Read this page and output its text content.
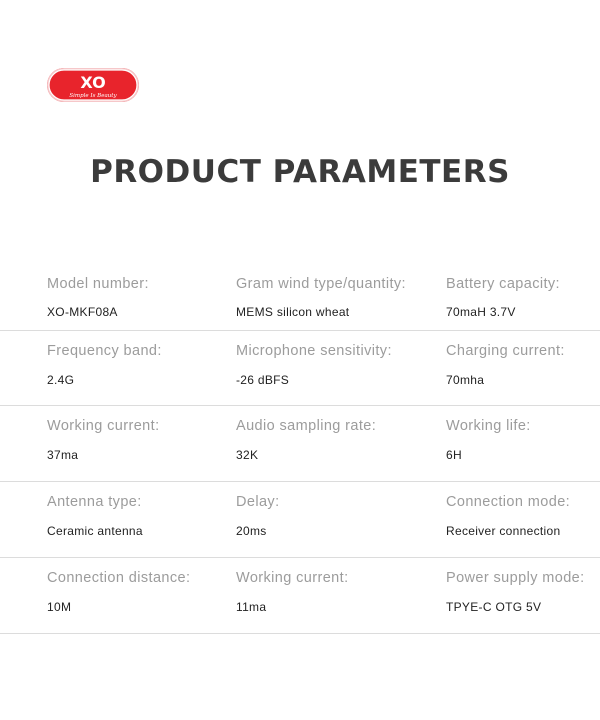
XO
Simple Is Beauty
PRODUCT PARAMETERS
Model number:
XO-MKF08A
Gram wind type/quantity:
MEMS silicon wheat
Battery capacity:
70maH 3.7V
Frequency band:
2.4G
Microphone sensitivity:
-26 dBFS
Charging current:
70mha
Working current:
37ma
Audio sampling rate:
32K
Working life:
6H
Antenna type:
Ceramic antenna
Delay:
20ms
Connection mode:
Receiver connection
Connection distance:
10M
Working current:
11ma
Power supply mode:
TPYE-C OTG 5V
